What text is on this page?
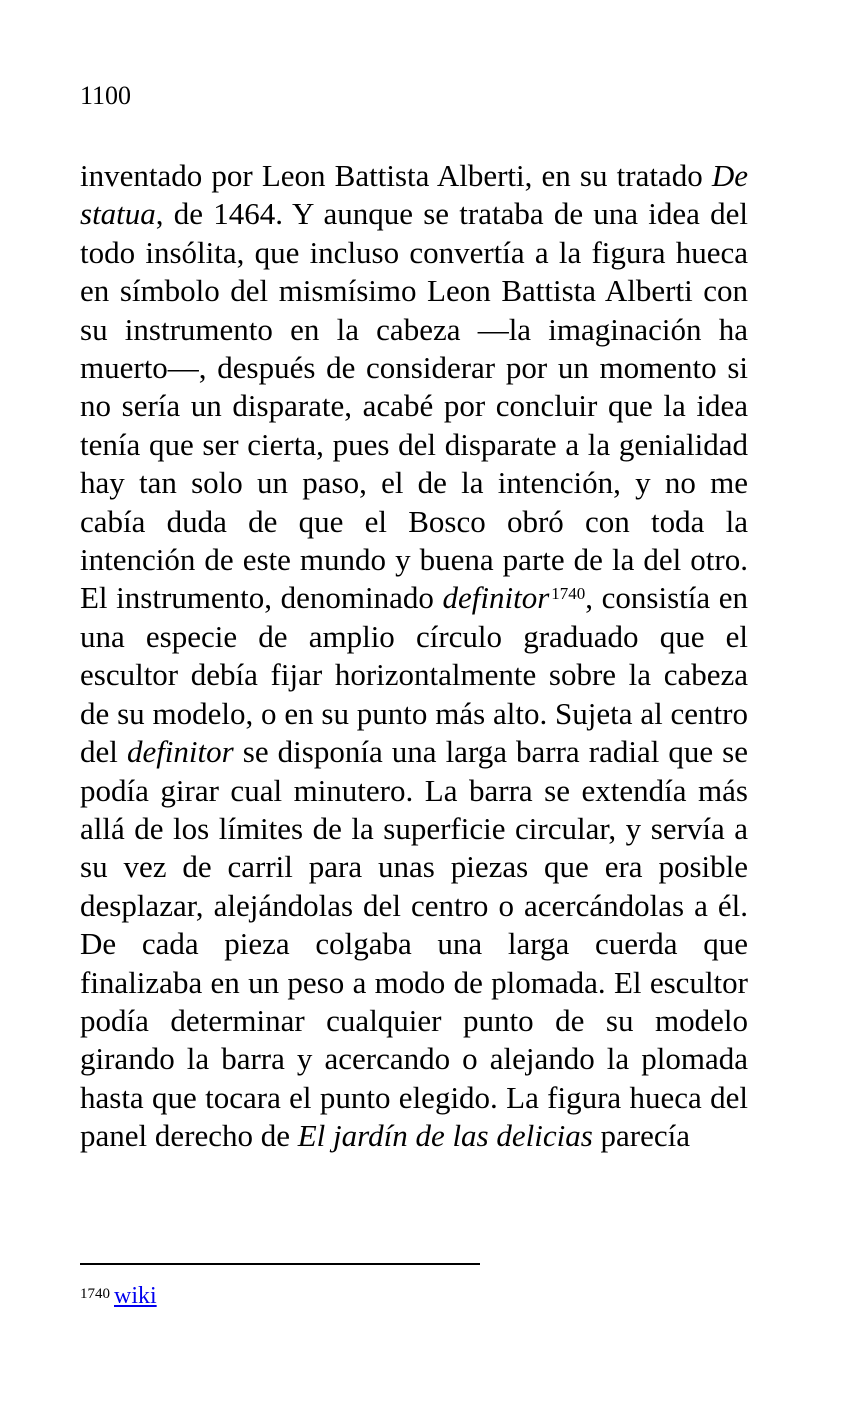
1100

inventado por Leon Battista Alberti, en su tratado De statua, de 1464. Y aunque se trataba de una idea del todo insólita, que incluso convertía a la figura hueca en símbolo del mismísimo Leon Battista Alberti con su instrumento en la cabeza —la imaginación ha muerto—, después de considerar por un momento si no sería un disparate, acabé por concluir que la idea tenía que ser cierta, pues del disparate a la genialidad hay tan solo un paso, el de la intención, y no me cabía duda de que el Bosco obró con toda la intención de este mundo y buena parte de la del otro. El instrumento, denominado definitor $^{1740}$, consistía en una especie de amplio círculo graduado que el escultor debía fijar horizontalmente sobre la cabeza de su modelo, o en su punto más alto. Sujeta al centro del definitor se disponía una larga barra radial que se podía girar cual minutero. La barra se extendía más allá de los límites de la superficie circular, y servía a su vez de carril para unas piezas que era posible desplazar, alejándolas del centro o acercándolas a él. De cada pieza colgaba una larga cuerda que finalizaba en un peso a modo de plomada. El escultor podía determinar cualquier punto de su modelo girando la barra y acercando o alejando la plomada hasta que tocara el punto elegido. La figura hueca del panel derecho de El jardín de las delicias parecía

$^{1740}$ wiki
